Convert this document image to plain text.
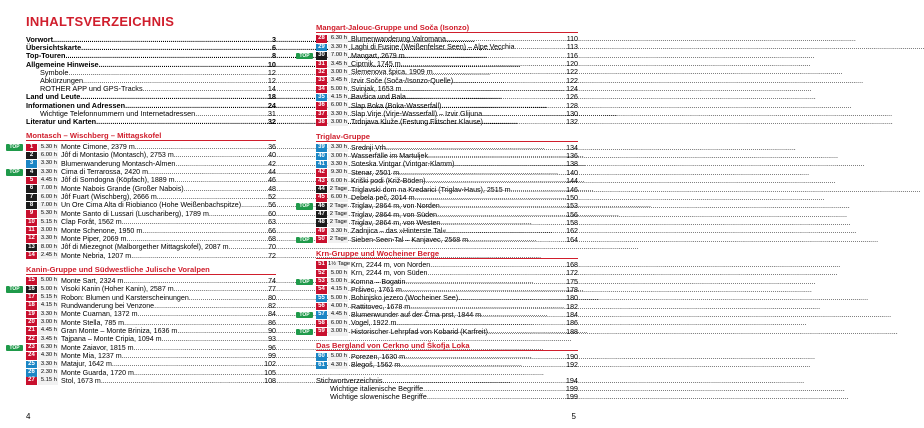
INHALTSVERZEICHNIS
Vorwort .....	3
Übersichtskarte .....	6
Top-Touren .....	8
Allgemeine Hinweise .....	10
Symbole .....	12
Abkürzungen .....	12
ROTHER APP und GPS-Tracks .....	14
Land und Leute .....	18
Informationen und Adressen .....	24
Wichtige Telefonnummern und Internetadressen .....	31
Literatur und Karten .....	32
Montasch – Wischberg – Mittagskofel
TOP	1	5.30 h Monte Cimone, 2379 m .....	36
2	6.00 h Jôf di Montasio (Montasch), 2753 m .....	40
3	3.30 h Blumenwanderung Montasch-Almen .....	42
TOP	4	3.30 h Cima di Terrarossa, 2420 m .....	44
5	4.45 h Jôf di Somdogna (Köpfach), 1889 m .....	46
6	7.00 h Monte Nabois Grande (Großer Nabois) .....	48
7	6.00 h Jôf Fuart (Wischberg), 2666 m .....	52
8	7.00 h Un Ore Cima Alta di Riobianco (Hohe Weißenbachspitze) .....	56
9	5.30 h Monte Santo di Lussari (Luschariberg), 1789 m .....	60
10	5.15 h Clap Forât, 1562 m .....	63
11	3.00 h Monte Schenone, 1950 m .....	66
12	3.30 h Monte Piper, 2069 m .....	68
13	8.00 h Jôf di Miezegnot (Malborgether Mittagskofel), 2087 m .....	70
14	2.45 h Monte Nebria, 1207 m .....	72
Kanin-Gruppe und Südwestliche Julische Voralpen
15	5.00 h Monte Sart, 2324 m .....	74
TOP	16	5.00 h Visoki Kanin (Hoher Kanin), 2587 m .....	77
17	5.15 h Robon: Blumen und Karsterscheinungen .....	80
18	4.15 h Rundwanderung bei Venzone .....	82
19	3.30 h Monte Cuarnan, 1372 m .....	84
20	3.00 h Monte Stella, 785 m .....	86
21	4.45 h Gran Monte – Monte Briniza, 1636 m .....	90
22	3.45 h Tajpana – Monte Cripia, 1094 m .....	93
TOP	23	6.30 h Monte Zaiavor, 1815 m .....	96
24	4.30 h Monte Mia, 1237 m .....	99
25	3.30 h Matajur, 1642 m .....	102
26	2.30 h Monte Guarda, 1720 m .....	105
27	5.15 h Stol, 1673 m .....	108
Mangart-Jalouc-Gruppe und Soča (Isonzo)
28	6.30 h Blumenwanderung Valromana .....	110
29	3.30 h Laghi di Fusine (Weißenfelser Seen) – Alpe Vecchia .....	113
TOP	30	7.00 h Mangart, 2679 m .....	116
31	3.45 h Ciprnik, 1745 m .....	120
32	3.00 h Slemenova špica, 1909 m .....	122
33	3.45 h Izvir Soče (Soča-/Isonzo-Quelle) .....	122
34	5.00 h Svinjak, 1653 m .....	124
35	4.15 h Bavšica und Bala .....	126
36	6.00 h Slap Boka (Boka-Wasserfall) .....	128
37	3.30 h Slap Virje (Virje-Wasserfall) – Izvir Glijuna .....	130
38	3.00 h Trdnjava Kluže (Festung Flitscher Klause) .....	132
Triglav-Gruppe
39	3.30 h Srednji Vrh .....	134
40	3.00 h Wasserfälle im Martuljek .....	136
41	3.30 h Soteska Vintgar (Vintgar-Klamm) .....	138
42	9.30 h Stenar, 2501 m .....	140
43	6.00 h Kriški podi (Križ-Böden) .....	144
44 2 Tage Triglavski dom na Kredarici (Triglav-Haus), 2515 m .....	146
45	6.00 h Debela peč, 2014 m .....	150
TOP	46 2 Tage Triglav, 2864 m, von Norden .....	153
47 2 Tage Triglav, 2864 m, von Süden .....	156
48 2 Tage Triglav, 2864 m, von Westen .....	158
49	3.30 h Zadnjica – das »Hinterste Tal« .....	162
TOP	50 2 Tage Sieben-Seen-Tal – Kanjavec, 2568 m .....	164
Krn-Gruppe und Wocheiner Berge
51 1½ Tage Krn, 2244 m, von Norden .....	168
52	5.00 h Krn, 2244 m, von Süden .....	172
TOP	53	5.00 h Komna – Bogatin .....	175
54	4.15 h Pršivec, 1761 m .....	178
55	5.00 h Bohinjsko jezero (Wocheiner See) .....	180
56	4.00 h Rattitovec, 1678 m .....	182
TOP	57	4.45 h Blumenwunder auf der Črna prst, 1844 m .....	184
58	6.00 h Vogel, 1922 m .....	186
TOP	59	3.00 h Historischer Lehrpfad von Kobarid (Karfreit) .....	188
Das Bergland von Cerkno und Škofja Loka
60	5.00 h Porezen, 1630 m .....	190
61	4.30 h Blegoš, 1562 m .....	192
Stichwortverzeichnis .....	194
Wichtige italienische Begriffe .....	199
Wichtige slowenische Begriffe .....	199
4	5
